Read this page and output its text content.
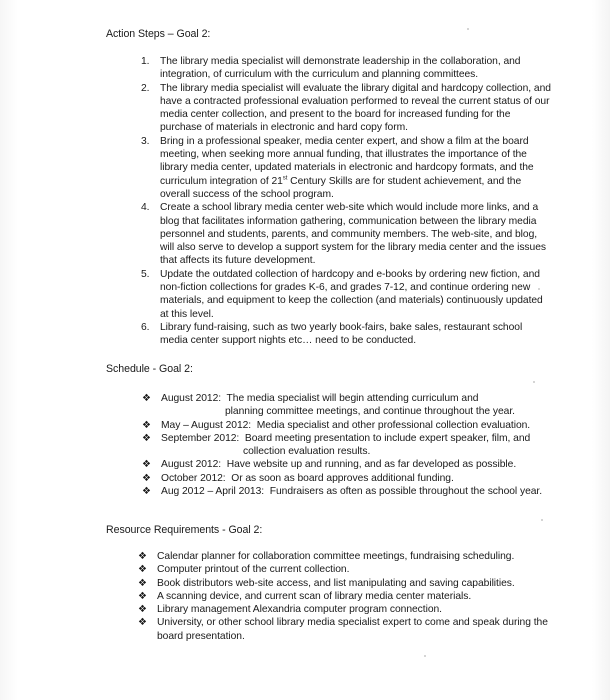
Action Steps – Goal 2:
1. The library media specialist will demonstrate leadership in the collaboration, and integration, of curriculum with the curriculum and planning committees.
2. The library media specialist will evaluate the library digital and hardcopy collection, and have a contracted professional evaluation performed to reveal the current status of our media center collection, and present to the board for increased funding for the purchase of materials in electronic and hard copy form.
3. Bring in a professional speaker, media center expert, and show a film at the board meeting, when seeking more annual funding, that illustrates the importance of the library media center, updated materials in electronic and hardcopy formats, and the curriculum integration of 21st Century Skills are for student achievement, and the overall success of the school program.
4. Create a school library media center web-site which would include more links, and a blog that facilitates information gathering, communication between the library media personnel and students, parents, and community members. The web-site, and blog, will also serve to develop a support system for the library media center and the issues that affects its future development.
5. Update the outdated collection of hardcopy and e-books by ordering new fiction, and non-fiction collections for grades K-6, and grades 7-12, and continue ordering new materials, and equipment to keep the collection (and materials) continuously updated at this level.
6. Library fund-raising, such as two yearly book-fairs, bake sales, restaurant school media center support nights etc… need to be conducted.
Schedule - Goal 2:
❖ August 2012: The media specialist will begin attending curriculum and
planning committee meetings, and continue throughout the year.
❖ May – August 2012: Media specialist and other professional collection evaluation.
❖ September 2012: Board meeting presentation to include expert speaker, film, and
collection evaluation results.
❖ August 2012: Have website up and running, and as far developed as possible.
❖ October 2012: Or as soon as board approves additional funding.
❖ Aug 2012 – April 2013: Fundraisers as often as possible throughout the school year.
Resource Requirements - Goal 2:
❖ Calendar planner for collaboration committee meetings, fundraising scheduling.
❖ Computer printout of the current collection.
❖ Book distributors web-site access, and list manipulating and saving capabilities.
❖ A scanning device, and current scan of library media center materials.
❖ Library management Alexandria computer program connection.
❖ University, or other school library media specialist expert to come and speak during the board presentation.
